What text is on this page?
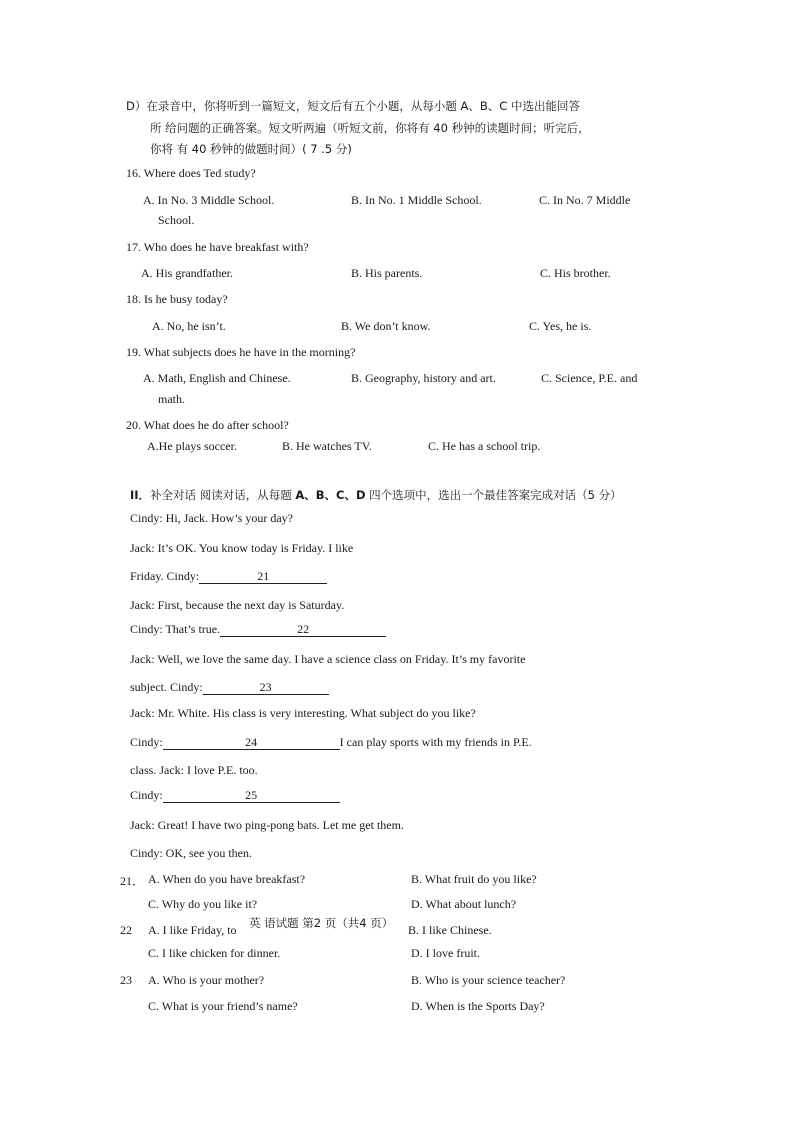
D）在录音中，你将听到一篇短文，短文后有五个小题，从每小题 A、B、C 中选出能回答
所 给问题的正确答案。短文听两遍（听短文前，你将有 40 秒钟的读题时间；听完后，
你将 有 40 秒钟的做题时间）( 7 .5 分)
16. Where does Ted study?
A. In No. 3 Middle School.	B. In No. 1 Middle School.	C. In No. 7 Middle
School.
17. Who does he have breakfast with?
A. His grandfather.	B. His parents.	C. His brother.
18. Is he busy today?
A. No, he isn’t.	B. We don’t know.	C. Yes, he is.
19. What subjects does he have in the morning?
A. Math, English and Chinese.	B. Geography, history and art.	C. Science, P.E. and
math.
20. What does he do after school?
A.He plays soccer.	B. He watches TV.	C. He has a school trip.
II．补全对话 阅读对话，从每题 A、B、C、D 四个选项中，选出一个最佳答案完成对话（5 分）
Cindy: Hi, Jack. How’s your day?
Jack: It’s OK. You know today is Friday. I like
Friday. Cindy:	21
Jack: First, because the next day is Saturday.
Cindy: That’s true.	22
Jack: Well, we love the same day. I have a science class on Friday. It’s my favorite
subject. Cindy:	23
Jack: Mr. White. His class is very interesting. What subject do you like?
Cindy:	24	I can play sports with my friends in P.E.
class. Jack: I love P.E. too.
Cindy:	25
Jack: Great! I have two ping-pong bats. Let me get them.
Cindy: OK, see you then.
21． A. When do you have breakfast?	B. What fruit do you like?
C. Why do you like it?	D. What about lunch?
22 A. I like Friday, to	B. I like Chinese.
C. I like chicken for dinner.	D. I love fruit.
英 语试题 第2 页（共4 页）
23 A. Who is your mother?	B. Who is your science teacher?
C. What is your friend’s name?	D. When is the Sports Day?
